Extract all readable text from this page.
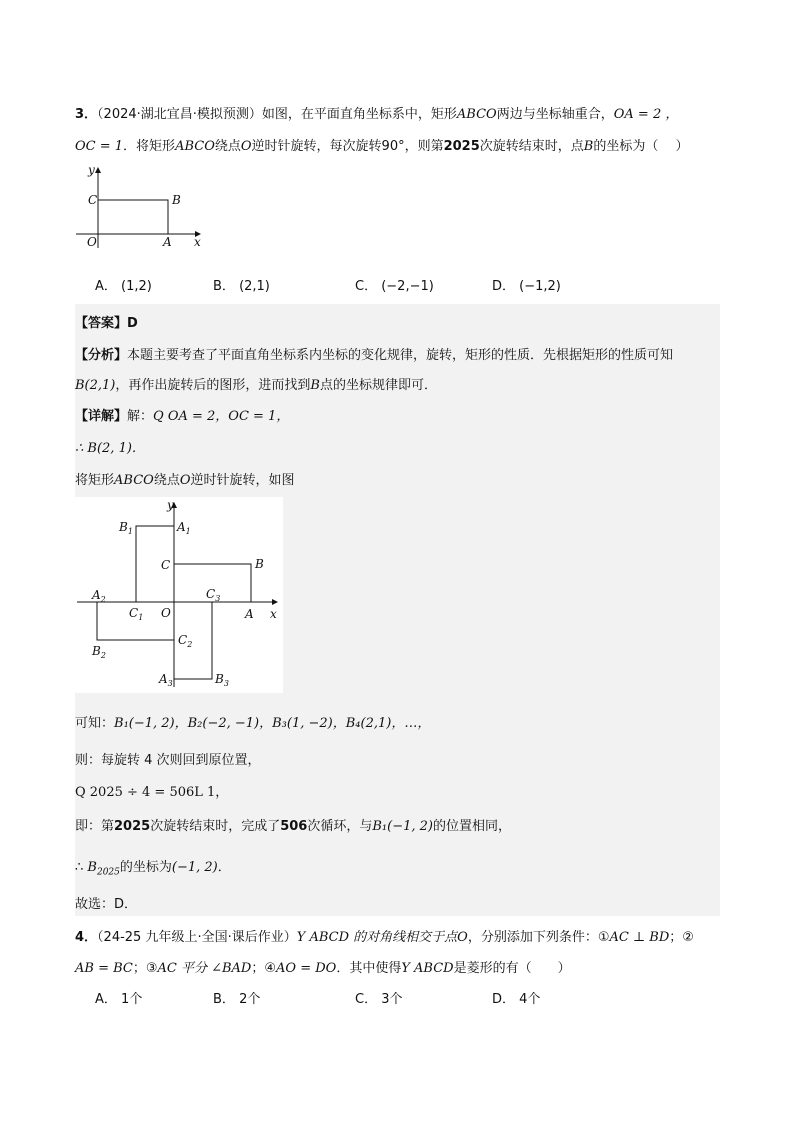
3．（2024·湖北宜昌·模拟预测）如图，在平面直角坐标系中，矩形ABCO两边与坐标轴重合，OA = 2 ，
OC = 1．将矩形ABCO绕点O逆时针旋转，每次旋转90°，则第2025次旋转结束时，点B的坐标为（　 ）
y
C	B
O	A x
A． (1,2)	B． (2,1)	C． (−2,−1)	D． (−1,2)
【答案】D
【分析】本题主要考查了平面直角坐标系内坐标的变化规律，旋转，矩形的性质．先根据矩形的性质可知
B(2,1)，再作出旋转后的图形，进而找到B点的坐标规律即可．
【详解】解：Q OA = 2，OC = 1，
∴ B(2, 1)．
将矩形ABCO绕点O逆时针旋转，如图
y
x
O	A
B
C
$A_1$
$B_1$
$C_1$
$A_2$
$B_2$
$C_2$
$A_3$	$B_3$
$C_3$
可知：B₁(−1, 2)，B₂(−2, −1)，B₃(1, −2)，B₄(2,1)，…，
则：每旋转 4 次则回到原位置，
Q 2025 ÷ 4 = 506L 1，
即：第2025次旋转结束时，完成了506次循环，与B₁(−1, 2)的位置相同，
∴ $B_{2025}$的坐标为(−1, 2)．
故选：D．
4．（24-25 九年级上·全国·课后作业）Y ABCD 的对角线相交于点O，分别添加下列条件：①AC ⊥ BD；②
AB = BC；③AC 平分 ∠BAD；④AO = DO．其中使得Y ABCD是菱形的有（　　）
A． 1个	B． 2个	C． 3个	D． 4个
